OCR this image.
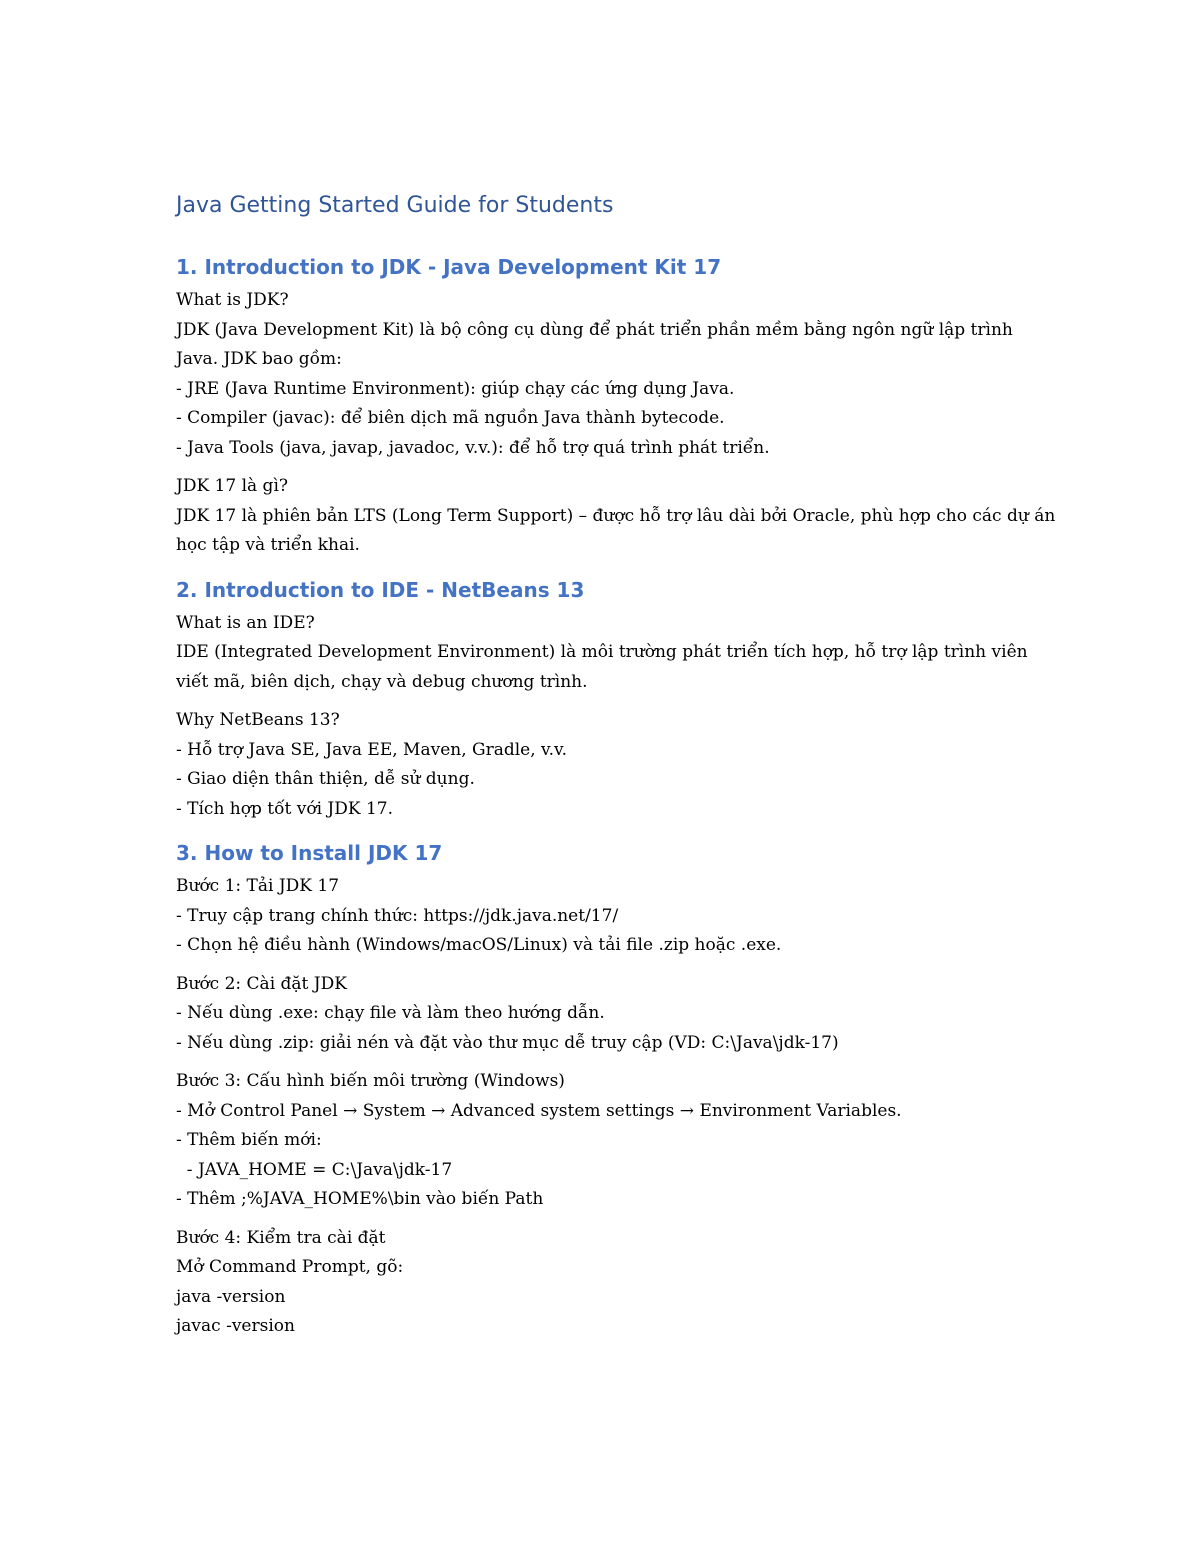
Java Getting Started Guide for Students
1. Introduction to JDK - Java Development Kit 17
What is JDK?
JDK (Java Development Kit) là bộ công cụ dùng để phát triển phần mềm bằng ngôn ngữ lập trình Java. JDK bao gồm:
- JRE (Java Runtime Environment): giúp chạy các ứng dụng Java.
- Compiler (javac): để biên dịch mã nguồn Java thành bytecode.
- Java Tools (java, javap, javadoc, v.v.): để hỗ trợ quá trình phát triển.
JDK 17 là gì?
JDK 17 là phiên bản LTS (Long Term Support) – được hỗ trợ lâu dài bởi Oracle, phù hợp cho các dự án học tập và triển khai.
2. Introduction to IDE - NetBeans 13
What is an IDE?
IDE (Integrated Development Environment) là môi trường phát triển tích hợp, hỗ trợ lập trình viên viết mã, biên dịch, chạy và debug chương trình.
Why NetBeans 13?
- Hỗ trợ Java SE, Java EE, Maven, Gradle, v.v.
- Giao diện thân thiện, dễ sử dụng.
- Tích hợp tốt với JDK 17.
3. How to Install JDK 17
Bước 1: Tải JDK 17
- Truy cập trang chính thức: https://jdk.java.net/17/
- Chọn hệ điều hành (Windows/macOS/Linux) và tải file .zip hoặc .exe.
Bước 2: Cài đặt JDK
- Nếu dùng .exe: chạy file và làm theo hướng dẫn.
- Nếu dùng .zip: giải nén và đặt vào thư mục dễ truy cập (VD: C:\Java\jdk-17)
Bước 3: Cấu hình biến môi trường (Windows)
- Mở Control Panel → System → Advanced system settings → Environment Variables.
- Thêm biến mới:
- JAVA_HOME = C:\Java\jdk-17
- Thêm ;%JAVA_HOME%\bin vào biến Path
Bước 4: Kiểm tra cài đặt
Mở Command Prompt, gõ:
java -version
javac -version
